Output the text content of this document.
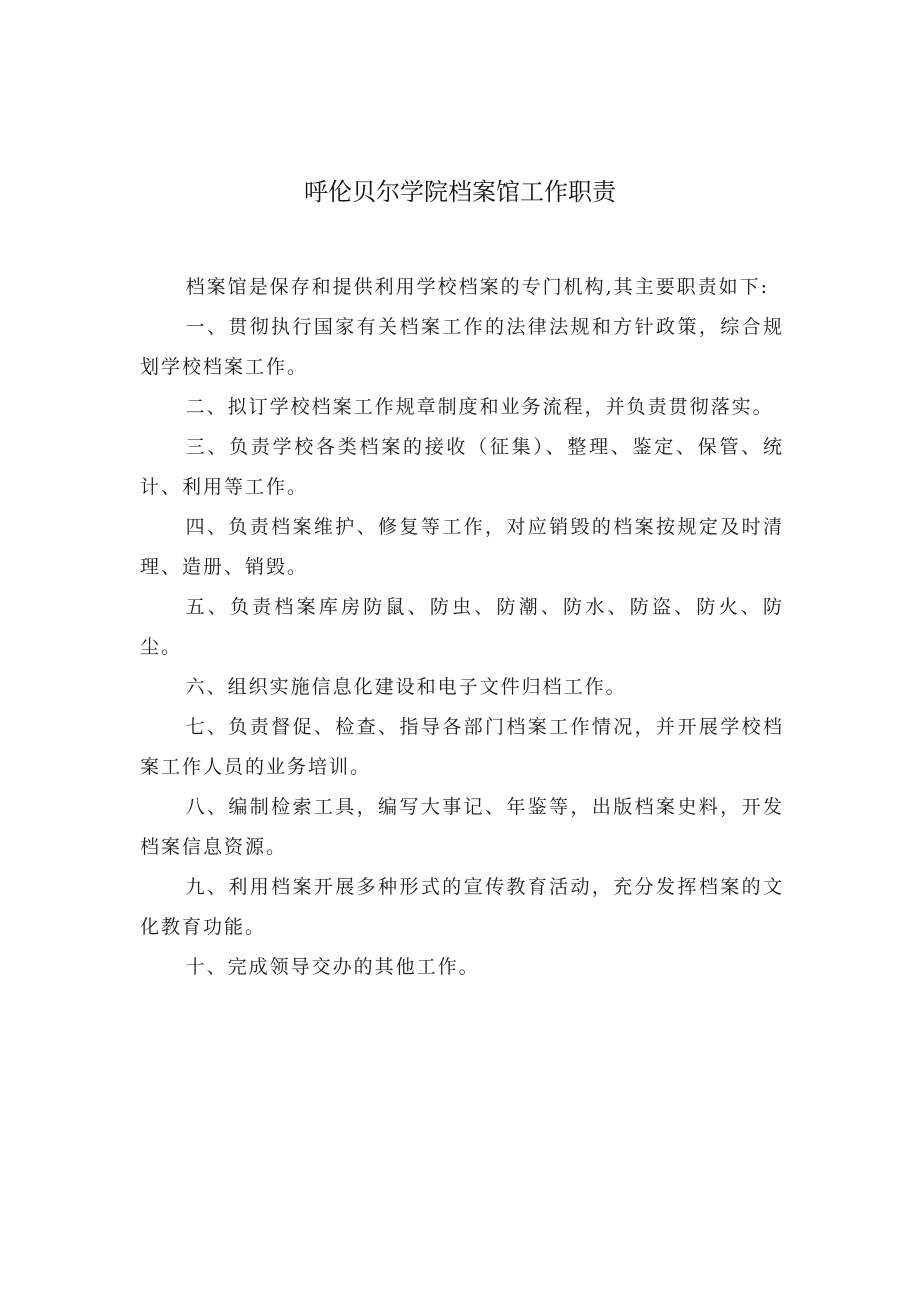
呼伦贝尔学院档案馆工作职责

档案馆是保存和提供利用学校档案的专门机构,其主要职责如下:

一、贯彻执行国家有关档案工作的法律法规和方针政策，综合规划学校档案工作。

二、拟订学校档案工作规章制度和业务流程，并负责贯彻落实。

三、负责学校各类档案的接收（征集）、整理、鉴定、保管、统计、利用等工作。

四、负责档案维护、修复等工作，对应销毁的档案按规定及时清理、造册、销毁。

五、负责档案库房防鼠、防虫、防潮、防水、防盗、防火、防尘。

六、组织实施信息化建设和电子文件归档工作。

七、负责督促、检查、指导各部门档案工作情况，并开展学校档案工作人员的业务培训。

八、编制检索工具，编写大事记、年鉴等，出版档案史料，开发档案信息资源。

九、利用档案开展多种形式的宣传教育活动，充分发挥档案的文化教育功能。

十、完成领导交办的其他工作。
